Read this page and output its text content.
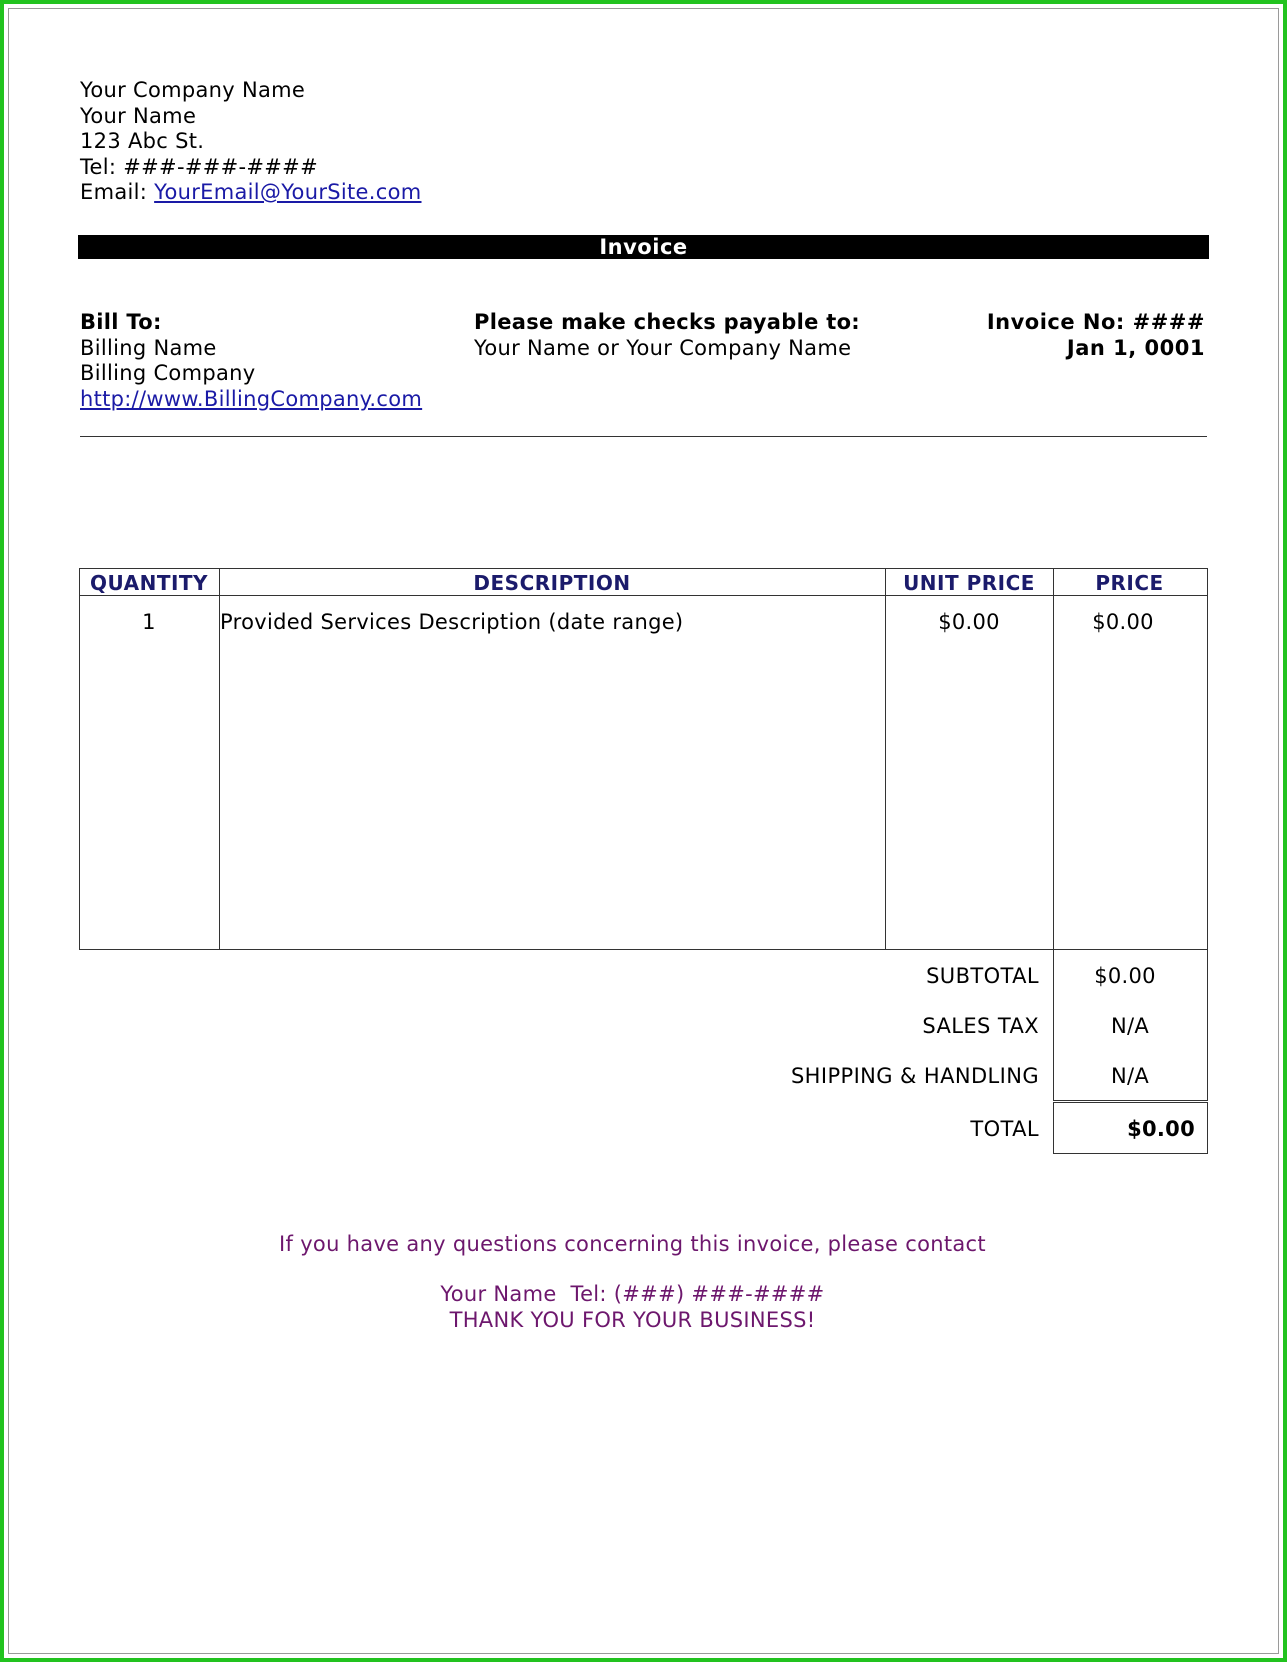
Your Company Name
Your Name
123 Abc St.
Tel: ###-###-####
Email: YourEmail@YourSite.com
Invoice
Bill To:
Billing Name
Billing Company
http://www.BillingCompany.com
Please make checks payable to:
Your Name or Your Company Name
Invoice No: ####
Jan 1, 0001
QUANTITY	DESCRIPTION	UNIT PRICE	PRICE
1	Provided Services Description (date range)	$0.00	$0.00
SUBTOTAL	$0.00
SALES TAX	N/A
SHIPPING & HANDLING	N/A
TOTAL	$0.00
If you have any questions concerning this invoice, please contact
Your Name  Tel: (###) ###-####
THANK YOU FOR YOUR BUSINESS!
